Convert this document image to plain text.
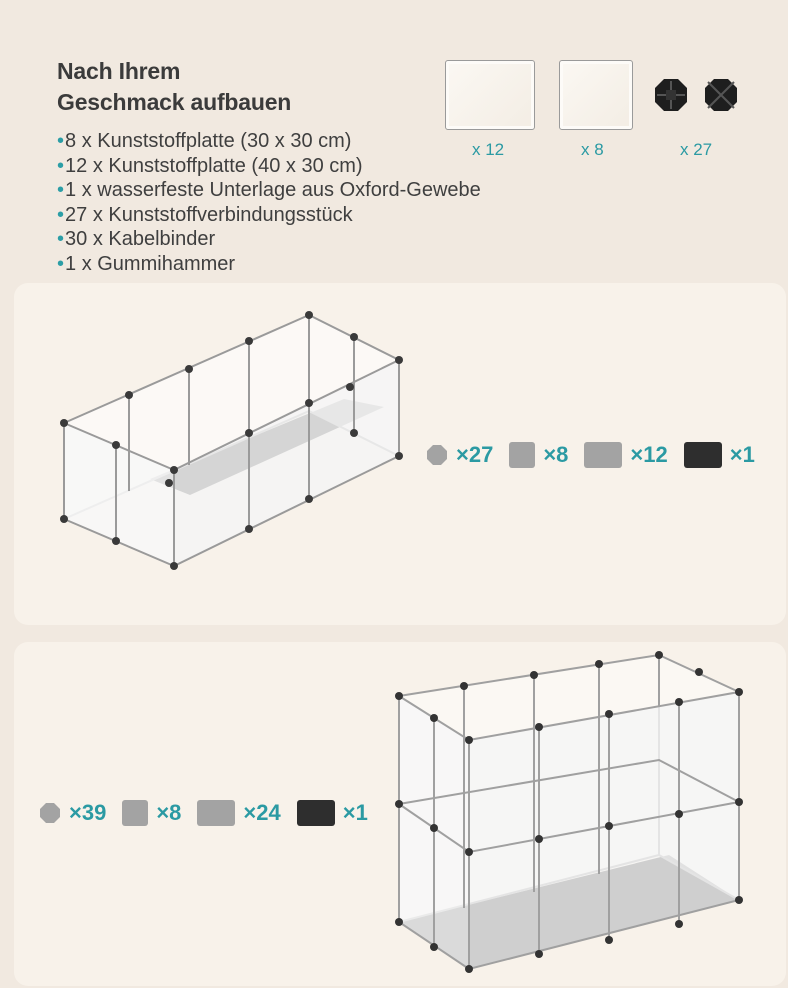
Nach Ihrem
Geschmack aufbauen
• 8 x Kunststoffplatte (30 x 30 cm)
• 12 x Kunststoffplatte (40 x 30 cm)
• 1 x wasserfeste Unterlage aus Oxford-Gewebe
• 27 x Kunststoffverbindungsstück
• 30 x Kabelbinder
• 1 x Gummihammer
x 12	x 8	x 27
×27 ×8	×12	×1
×39 ×8	×24	×1
